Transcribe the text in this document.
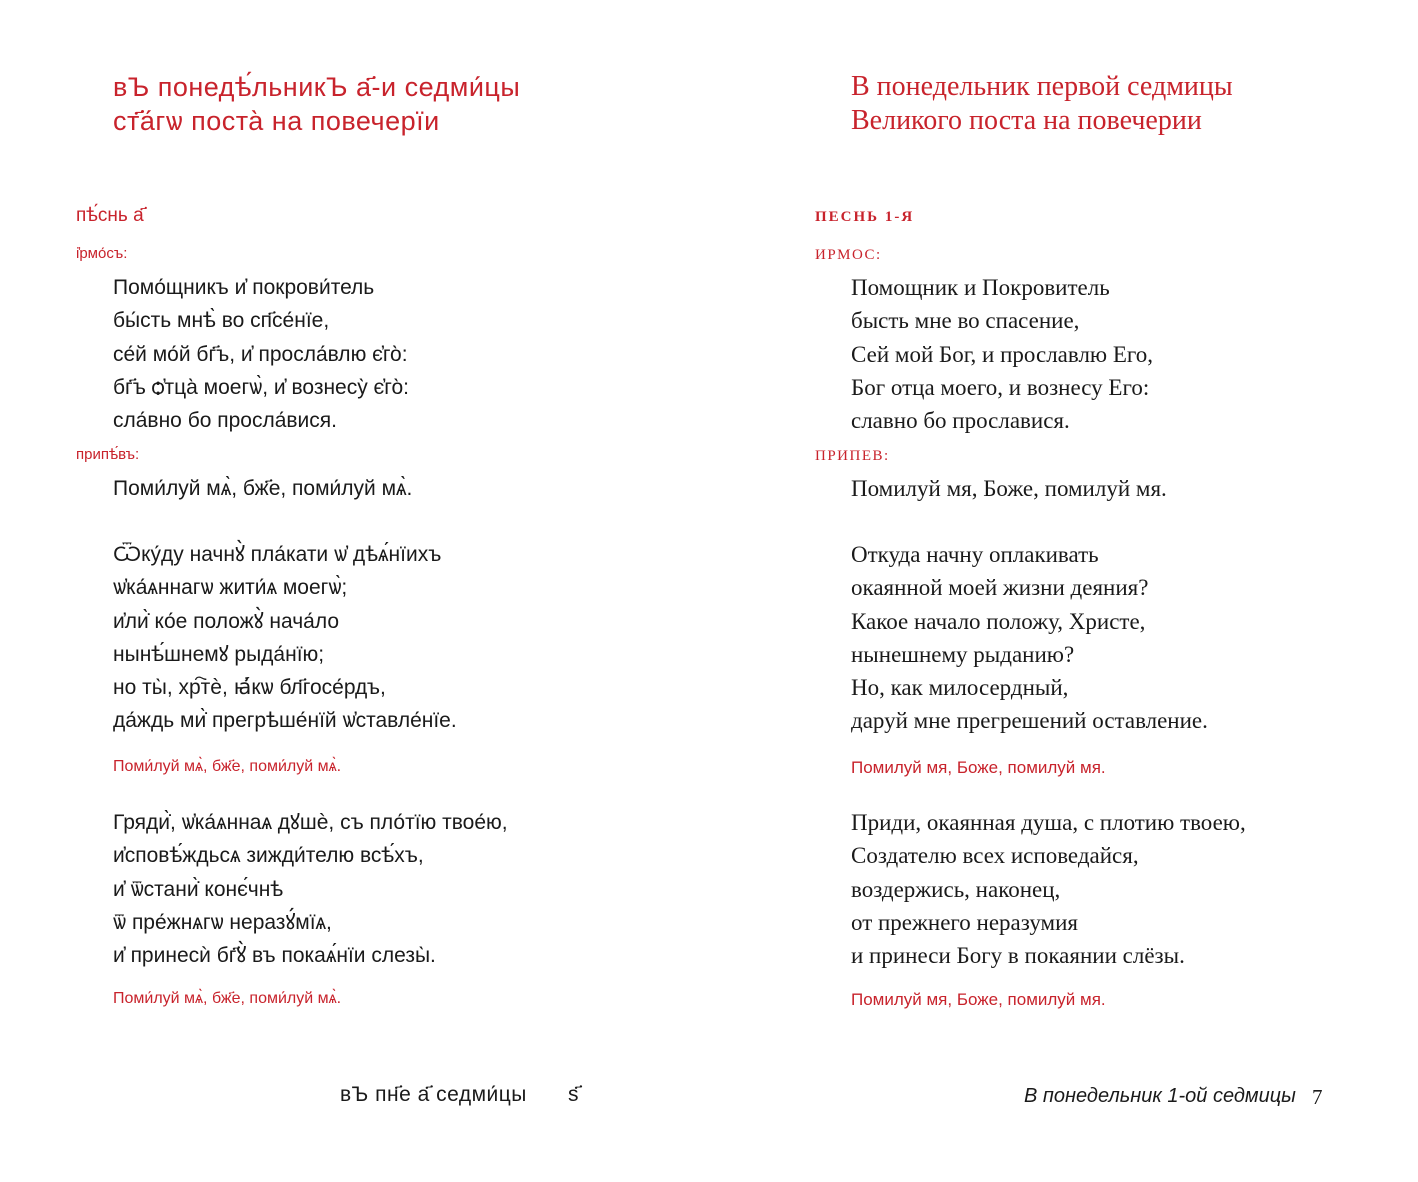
вЪ понедѣ́льникЪ а҃-и седми́цы
ст҃а́гѡ поста̀ на повечерїи
пѣ́снь а҃
і҆рмо́съ:
Помо́щникъ и҆ покрови́тель
бы́сть мнѣ̀ во сп҃се́нїе,
се́й мо́й бг҃ъ, и҆ просла́влю є҆го̀:
бг҃ъ ѻ҆тца̀ моегѡ̀, и҆ вознесу̀ є҆го̀:
сла́вно бо просла́вися.
припѣ́въ:
Поми́луй мѧ̀, бж҃е, поми́луй мѧ̀.
Ѿку́ду начнꙋ̀ пла́кати ѡ҆ дѣѧ́нїихъ
ѡ҆ка́ѧннагѡ жити́ѧ моегѡ̀;
и҆ли̇̀ ко́е положꙋ̀ нача́ло
нынѣ́шнемꙋ рыда́нїю;
но ты̀, хр҇тѐ, ꙗ҆́кѡ бл҃госе́рдъ,
да́ждь ми̇̀ прегрѣше́нїй ѡ҆ставле́нїе.
Поми́луй мѧ̀, бж҃е, поми́луй мѧ̀.
Гряди̇̀, ѡ҆ка́ѧннаѧ дꙋшѐ, съ пло́тїю твое́ю,
и҆сповѣ́ждьсѧ зижди́телю всѣ́хъ,
и҆ ѿстани̇̀ конє́чнѣ
ѿ пре́жнѧгѡ неразꙋ́мїѧ,
и҆ принесѝ бг҃ꙋ̀ въ покаѧ́нїи слезы̀.
Поми́луй мѧ̀, бж҃е, поми́луй мѧ̀.
вЪ пн҃е а҃ седми́цы ѕ҃
В понедельник первой седмицы
Великого поста на повечерии
ПЕСНЬ 1-Я
ИРМОС:
Помощник и Покровитель
бысть мне во спасение,
Сей мой Бог, и прославлю Его,
Бог отца моего, и вознесу Его:
славно бо прославися.
ПРИПЕВ:
Помилуй мя, Боже, помилуй мя.
Откуда начну оплакивать
окаянной моей жизни деяния?
Какое начало положу, Христе,
нынешнему рыданию?
Но, как милосердный,
даруй мне прегрешений оставление.
Помилуй мя, Боже, помилуй мя.
Приди, окаянная душа, с плотию твоею,
Создателю всех исповедайся,
воздержись, наконец,
от прежнего неразумия
и принеси Богу в покаянии слёзы.
Помилуй мя, Боже, помилуй мя.
В понедельник 1-ой седмицы 7
